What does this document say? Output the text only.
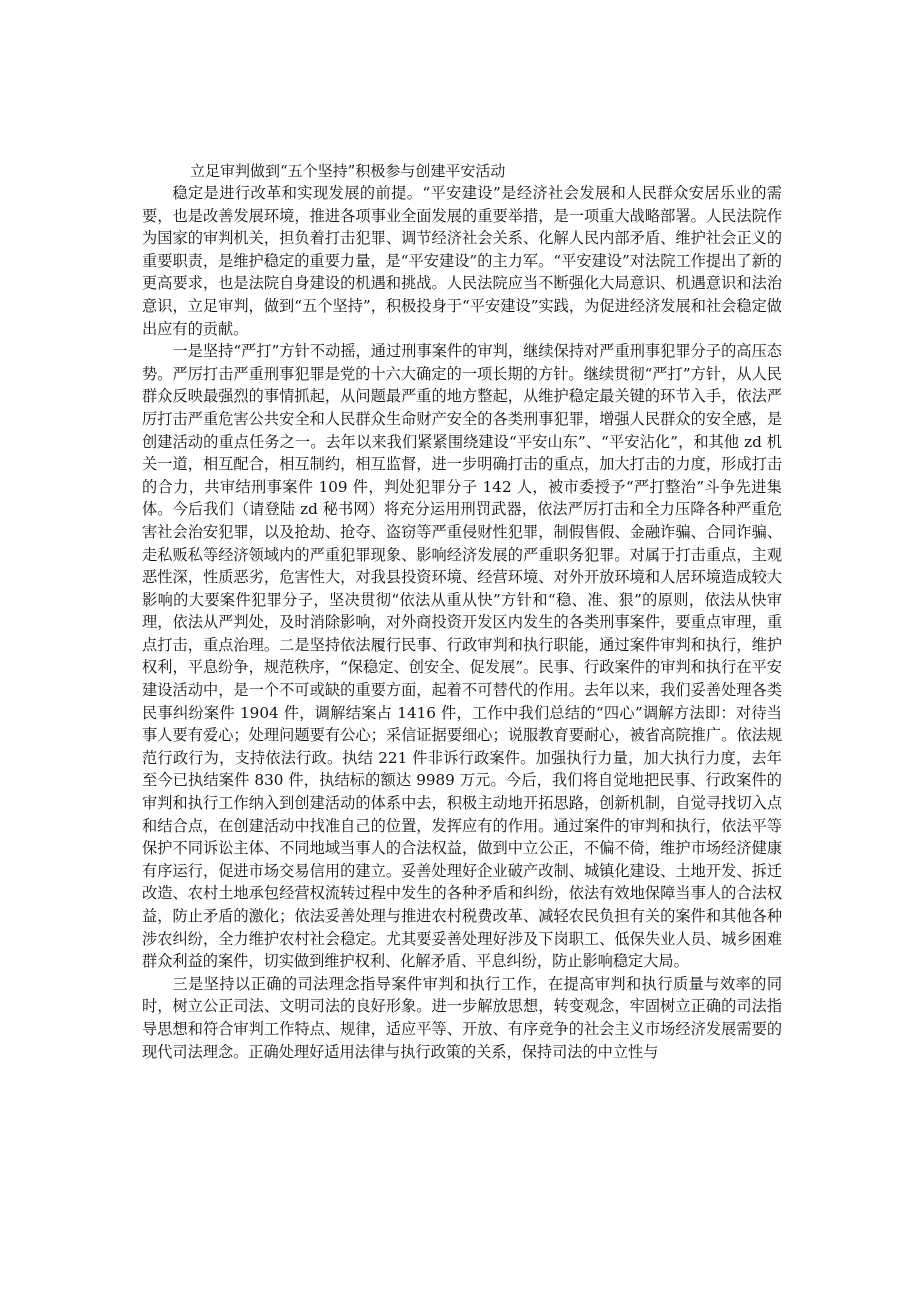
立足审判做到“五个坚持”积极参与创建平安活动

稳定是进行改革和实现发展的前提。“平安建设”是经济社会发展和人民群众安居乐业的需要，也是改善发展环境，推进各项事业全面发展的重要举措，是一项重大战略部署。人民法院作为国家的审判机关，担负着打击犯罪、调节经济社会关系、化解人民内部矛盾、维护社会正义的重要职责，是维护稳定的重要力量，是“平安建设”的主力军。“平安建设”对法院工作提出了新的更高要求，也是法院自身建设的机遇和挑战。人民法院应当不断强化大局意识、机遇意识和法治意识，立足审判，做到“五个坚持”，积极投身于“平安建设”实践，为促进经济发展和社会稳定做出应有的贡献。

一是坚持“严打”方针不动摇，通过刑事案件的审判，继续保持对严重刑事犯罪分子的高压态势。严厉打击严重刑事犯罪是党的十六大确定的一项长期的方针。继续贯彻“严打”方针，从人民群众反映最强烈的事情抓起，从问题最严重的地方整起，从维护稳定最关键的环节入手，依法严厉打击严重危害公共安全和人民群众生命财产安全的各类刑事犯罪，增强人民群众的安全感，是创建活动的重点任务之一。去年以来我们紧紧围绕建设“平安山东”、“平安沾化”，和其他 zd 机关一道，相互配合，相互制约，相互监督，进一步明确打击的重点，加大打击的力度，形成打击的合力，共审结刑事案件 109 件，判处犯罪分子 142 人，被市委授予“严打整治”斗争先进集体。今后我们（请登陆 zd 秘书网）将充分运用刑罚武器，依法严厉打击和全力压降各种严重危害社会治安犯罪，以及抢劫、抢夺、盗窃等严重侵财性犯罪，制假售假、金融诈骗、合同诈骗、走私贩私等经济领域内的严重犯罪现象、影响经济发展的严重职务犯罪。对属于打击重点，主观恶性深，性质恶劣，危害性大，对我县投资环境、经营环境、对外开放环境和人居环境造成较大影响的大要案件犯罪分子，坚决贯彻“依法从重从快”方针和“稳、准、狠”的原则，依法从快审理，依法从严判处，及时消除影响，对外商投资开发区内发生的各类刑事案件，要重点审理，重点打击，重点治理。二是坚持依法履行民事、行政审判和执行职能，通过案件审判和执行，维护权利，平息纷争，规范秩序，“保稳定、创安全、促发展”。民事、行政案件的审判和执行在平安建设活动中，是一个不可或缺的重要方面，起着不可替代的作用。去年以来，我们妥善处理各类民事纠纷案件 1904 件，调解结案占 1416 件，工作中我们总结的“四心”调解方法即：对待当事人要有爱心；处理问题要有公心；采信证据要细心；说服教育要耐心，被省高院推广。依法规范行政行为，支持依法行政。执结 221 件非诉行政案件。加强执行力量，加大执行力度，去年至今已执结案件 830 件，执结标的额达 9989 万元。今后，我们将自觉地把民事、行政案件的审判和执行工作纳入到创建活动的体系中去，积极主动地开拓思路，创新机制，自觉寻找切入点和结合点，在创建活动中找准自己的位置，发挥应有的作用。通过案件的审判和执行，依法平等保护不同诉讼主体、不同地域当事人的合法权益，做到中立公正，不偏不倚，维护市场经济健康有序运行，促进市场交易信用的建立。妥善处理好企业破产改制、城镇化建设、土地开发、拆迁改造、农村土地承包经营权流转过程中发生的各种矛盾和纠纷，依法有效地保障当事人的合法权益，防止矛盾的激化；依法妥善处理与推进农村税费改革、减轻农民负担有关的案件和其他各种涉农纠纷，全力维护农村社会稳定。尤其要妥善处理好涉及下岗职工、低保失业人员、城乡困难群众利益的案件，切实做到维护权利、化解矛盾、平息纠纷，防止影响稳定大局。

三是坚持以正确的司法理念指导案件审判和执行工作，在提高审判和执行质量与效率的同时，树立公正司法、文明司法的良好形象。进一步解放思想，转变观念，牢固树立正确的司法指导思想和符合审判工作特点、规律，适应平等、开放、有序竞争的社会主义市场经济发展需要的现代司法理念。正确处理好适用法律与执行政策的关系，保持司法的中立性与
